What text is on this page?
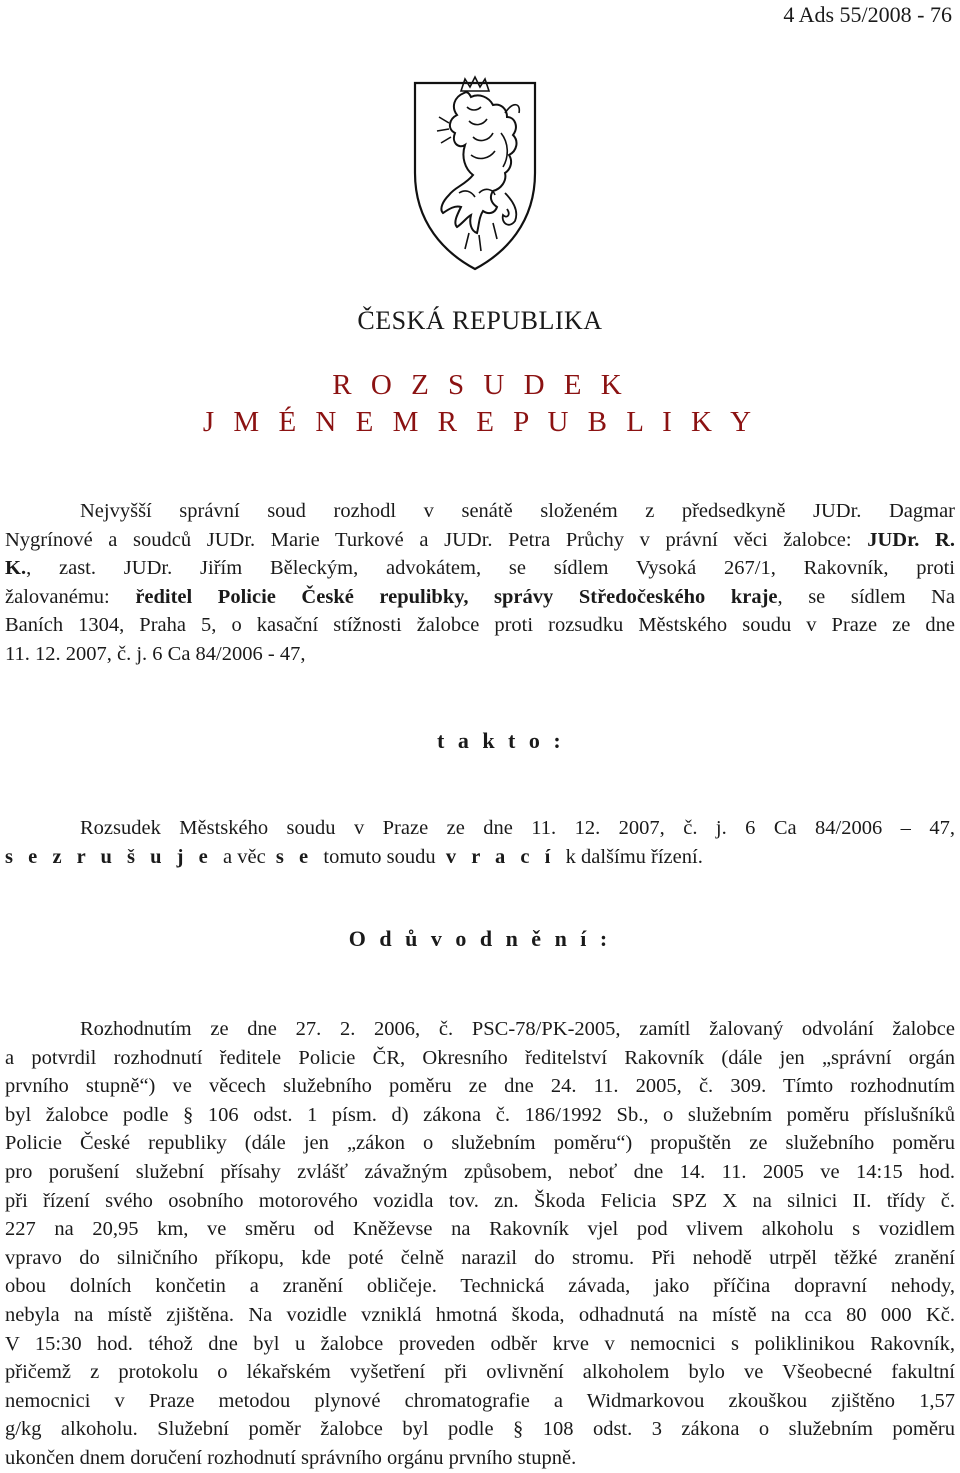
4 Ads 55/2008 - 76
ČESKÁ REPUBLIKA
R O Z S U D E K
J M É N E M R E P U B L I K Y
Nejvyšší správní soud rozhodl v senátě složeném z předsedkyně JUDr. Dagmar
Nygrínové a soudců JUDr. Marie Turkové a JUDr. Petra Průchy v právní věci žalobce: JUDr. R.
K., zast. JUDr. Jiřím Běleckým, advokátem, se sídlem Vysoká 267/1, Rakovník, proti
žalovanému: ředitel Policie České repulibky, správy Středočeského kraje, se sídlem Na
Baních 1304, Praha 5, o kasační stížnosti žalobce proti rozsudku Městského soudu v Praze ze dne
11. 12. 2007, č. j. 6 Ca 84/2006 - 47,
t a k t o :
Rozsudek Městského soudu v Praze ze dne 11. 12. 2007, č. j. 6 Ca 84/2006 – 47,
s e z r u š u j e a věc s e tomuto soudu v r a c í k dalšímu řízení.
O d ů v o d n ě n í :
Rozhodnutím ze dne 27. 2. 2006, č. PSC-78/PK-2005, zamítl žalovaný odvolání žalobce
a potvrdil rozhodnutí ředitele Policie ČR, Okresního ředitelství Rakovník (dále jen „správní orgán
prvního stupně“) ve věcech služebního poměru ze dne 24. 11. 2005, č. 309. Tímto rozhodnutím
byl žalobce podle § 106 odst. 1 písm. d) zákona č. 186/1992 Sb., o služebním poměru příslušníků
Policie České republiky (dále jen „zákon o služebním poměru“) propuštěn ze služebního poměru
pro porušení služební přísahy zvlášť závažným způsobem, neboť dne 14. 11. 2005 ve 14:15 hod.
při řízení svého osobního motorového vozidla tov. zn. Škoda Felicia SPZ X na silnici II. třídy č.
227 na 20,95 km, ve směru od Kněževse na Rakovník vjel pod vlivem alkoholu s vozidlem
vpravo do silničního příkopu, kde poté čelně narazil do stromu. Při nehodě utrpěl těžké zranění
obou dolních končetin a zranění obličeje. Technická závada, jako příčina dopravní nehody,
nebyla na místě zjištěna. Na vozidle vzniklá hmotná škoda, odhadnutá na místě na cca 80 000 Kč.
V 15:30 hod. téhož dne byl u žalobce proveden odběr krve v nemocnici s poliklinikou Rakovník,
přičemž z protokolu o lékařském vyšetření při ovlivnění alkoholem bylo ve Všeobecné fakultní
nemocnici v Praze metodou plynové chromatografie a Widmarkovou zkouškou zjištěno 1,57
g/kg alkoholu. Služební poměr žalobce byl podle § 108 odst. 3 zákona o služebním poměru
ukončen dnem doručení rozhodnutí správního orgánu prvního stupně.
